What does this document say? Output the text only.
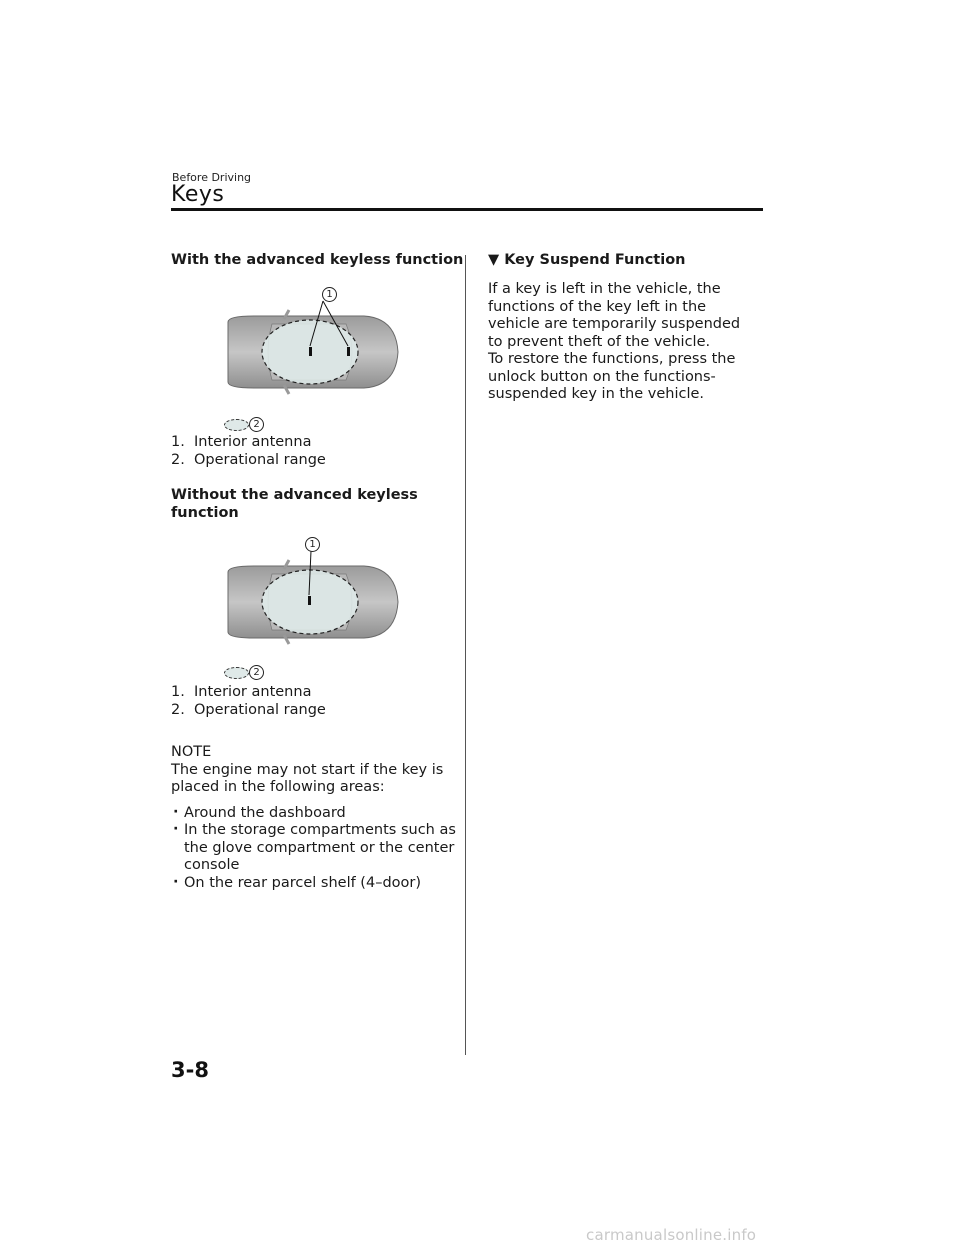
Before Driving
Keys
With the advanced keyless function
1
2
1. Interior antenna
2. Operational range
Without the advanced keyless function
1
2
1. Interior antenna
2. Operational range
NOTE
The engine may not start if the key is placed in the following areas:
· Around the dashboard
· In the storage compartments such as the glove compartment or the center console
· On the rear parcel shelf (4–door)
▼ Key Suspend Function
If a key is left in the vehicle, the functions of the key left in the vehicle are temporarily suspended to prevent theft of the vehicle.
To restore the functions, press the unlock button on the functions-suspended key in the vehicle.
3-8
carmanualsonline.info
